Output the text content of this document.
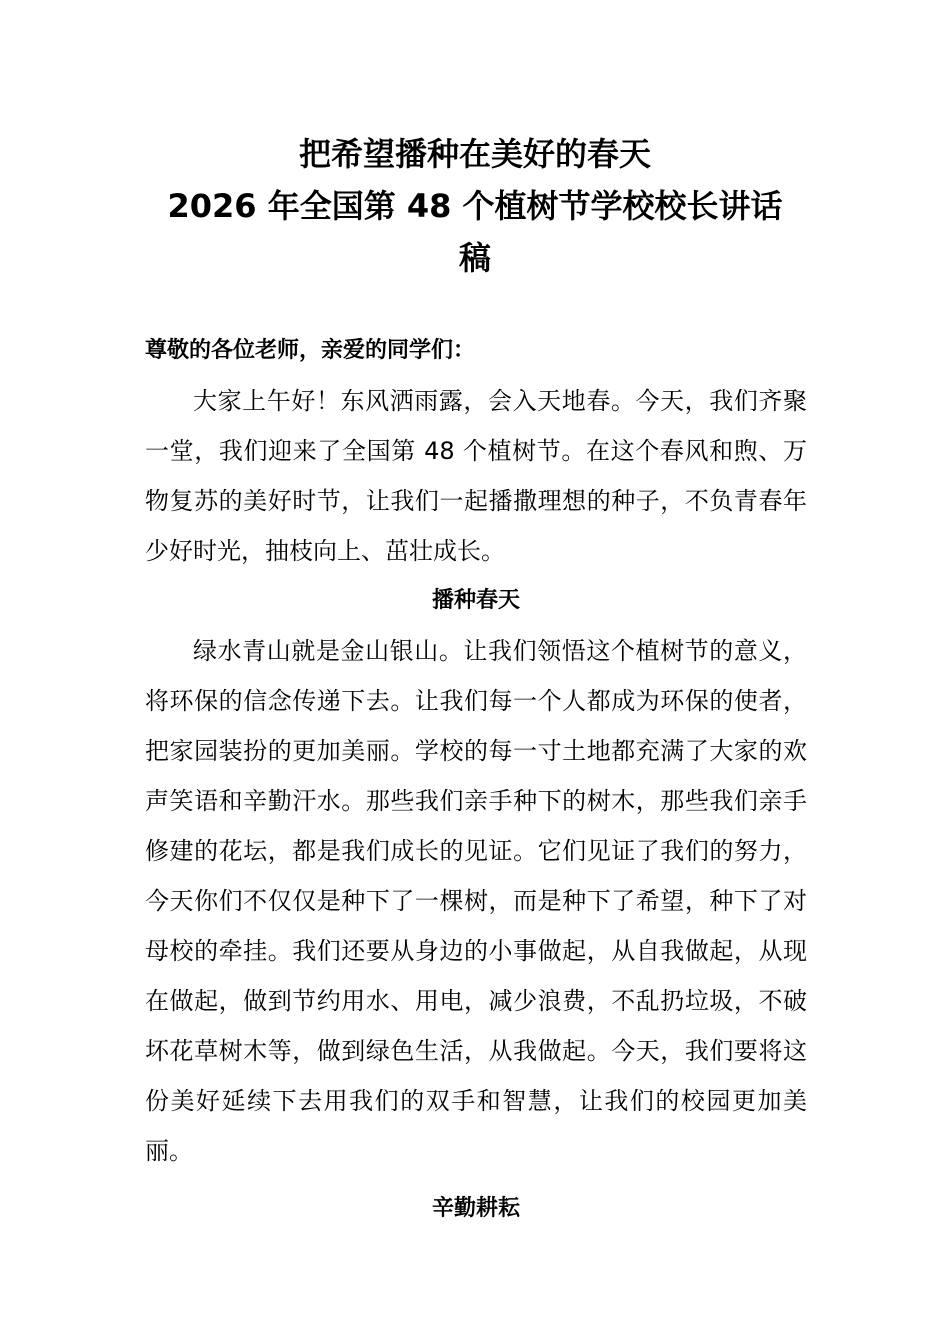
把希望播种在美好的春天
2026 年全国第 48 个植树节学校校长讲话
稿

尊敬的各位老师，亲爱的同学们：

大家上午好！东风洒雨露，会入天地春。今天，我们齐聚一堂，我们迎来了全国第 48 个植树节。在这个春风和煦、万物复苏的美好时节，让我们一起播撒理想的种子，不负青春年少好时光，抽枝向上、茁壮成长。

播种春天

绿水青山就是金山银山。让我们领悟这个植树节的意义，将环保的信念传递下去。让我们每一个人都成为环保的使者，把家园装扮的更加美丽。学校的每一寸土地都充满了大家的欢声笑语和辛勤汗水。那些我们亲手种下的树木，那些我们亲手修建的花坛，都是我们成长的见证。它们见证了我们的努力，今天你们不仅仅是种下了一棵树，而是种下了希望，种下了对母校的牵挂。我们还要从身边的小事做起，从自我做起，从现在做起，做到节约用水、用电，减少浪费，不乱扔垃圾，不破坏花草树木等，做到绿色生活，从我做起。今天，我们要将这份美好延续下去用我们的双手和智慧，让我们的校园更加美丽。

辛勤耕耘
